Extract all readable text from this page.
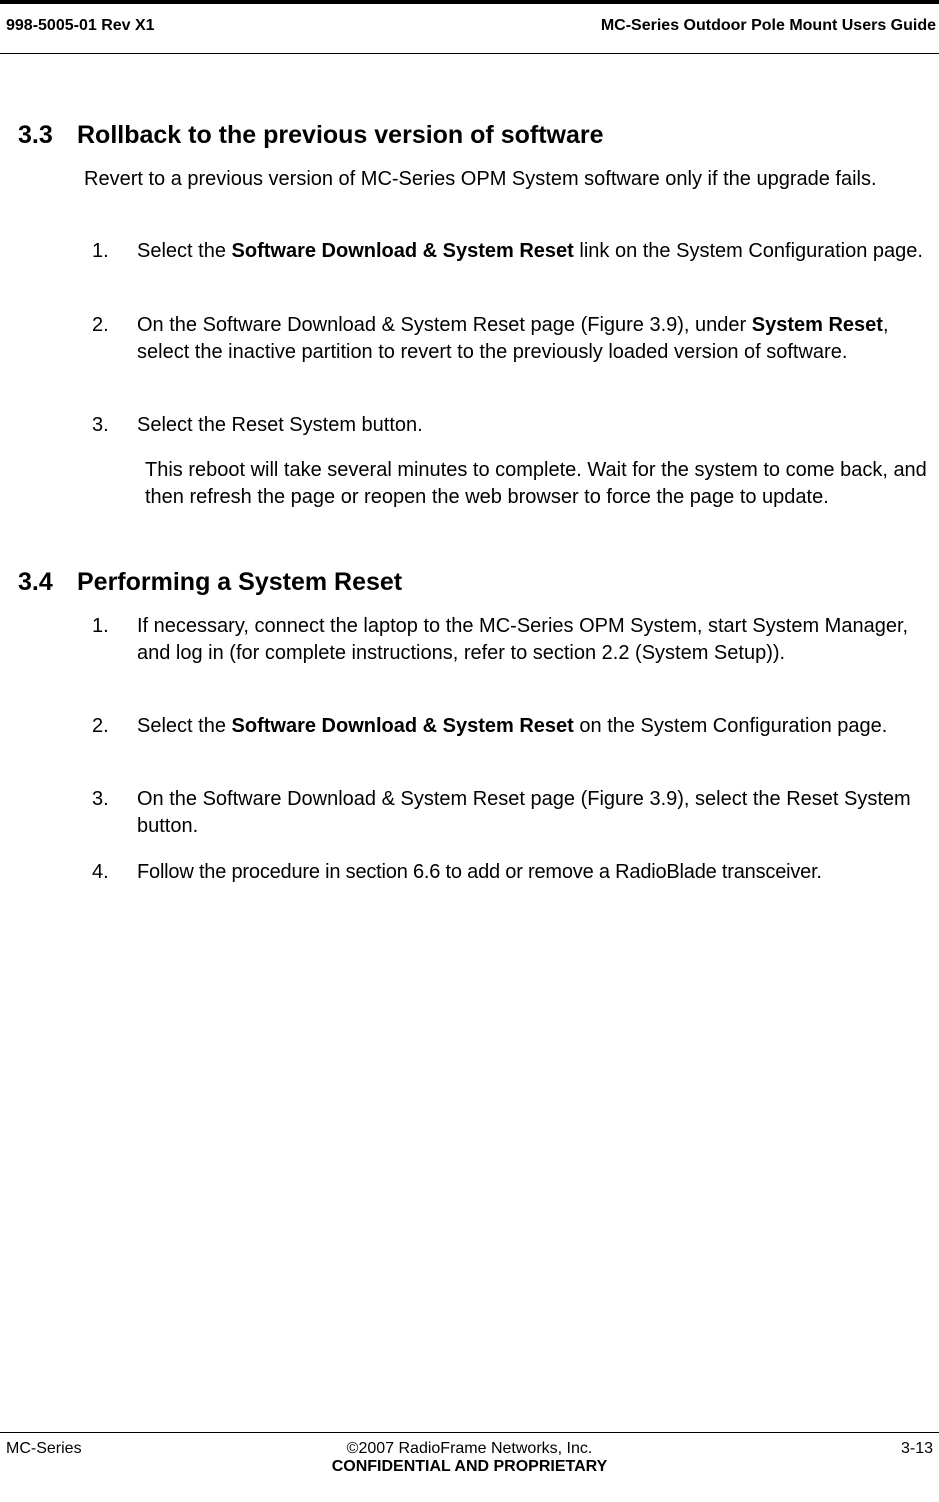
998-5005-01 Rev X1	MC-Series Outdoor Pole Mount Users Guide
3.3 Rollback to the previous version of software
Revert to a previous version of MC-Series OPM System software only if the upgrade fails.
1. Select the Software Download & System Reset link on the System Configuration page.
2. On the Software Download & System Reset page (Figure 3.9), under System Reset, select the inactive partition to revert to the previously loaded version of software.
3. Select the Reset System button.
This reboot will take several minutes to complete. Wait for the system to come back, and then refresh the page or reopen the web browser to force the page to update.
3.4 Performing a System Reset
1. If necessary, connect the laptop to the MC-Series OPM System, start System Manager, and log in (for complete instructions, refer to section 2.2 (System Setup)).
2. Select the Software Download & System Reset on the System Configuration page.
3. On the Software Download & System Reset page (Figure 3.9), select the Reset System button.
4. Follow the procedure in section 6.6 to add or remove a RadioBlade transceiver.
©2007 RadioFrame Networks, Inc.
MC-Series	3-13
CONFIDENTIAL AND PROPRIETARY
